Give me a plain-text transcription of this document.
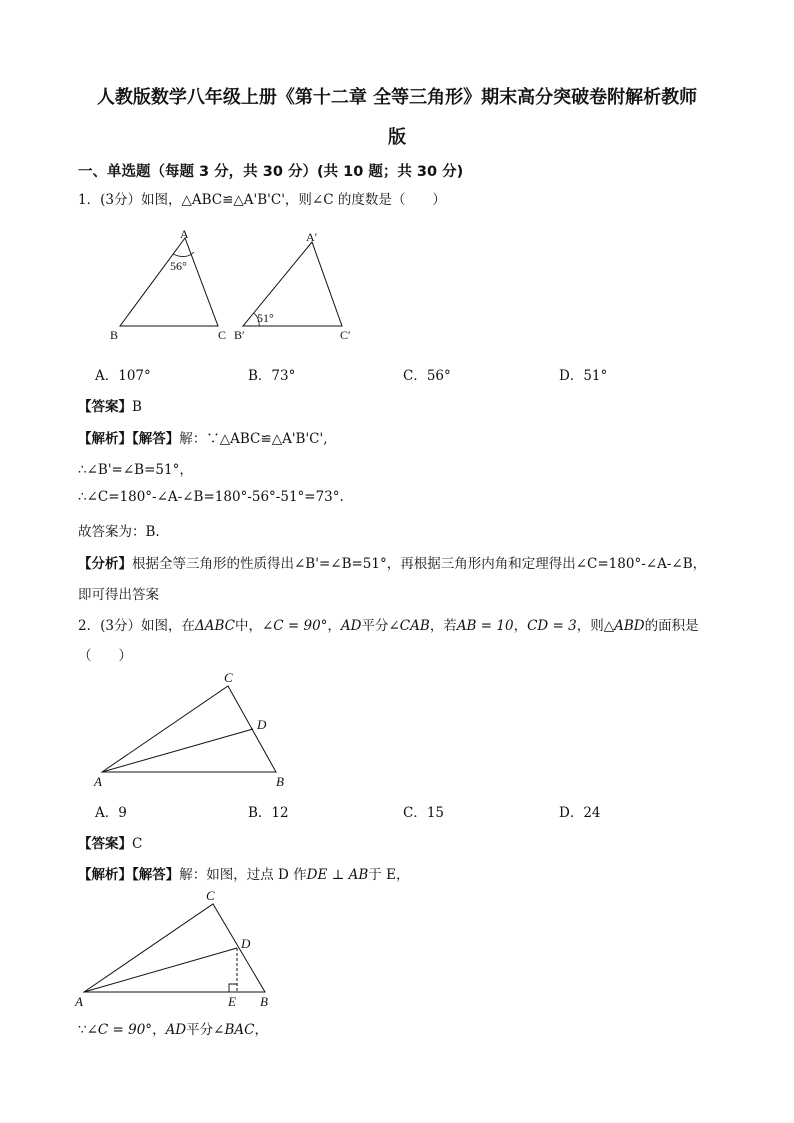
人教版数学八年级上册《第十二章 全等三角形》期末高分突破卷附解析教师
版
一、单选题（每题 3 分，共 30 分）(共 10 题；共 30 分)
1．(3分）如图，△ABC≌△A'B'C'，则∠C 的度数是（　　）
A
B	C
56°
A′
B′	C′
51°
A．107°	B．73°	C．56°	D．51°
【答案】B
【解析】【解答】解：∵△ABC≌△A'B'C',
∴∠B'=∠B=51°，
∴∠C=180°-∠A-∠B=180°-56°-51°=73°.
故答案为：B.
【分析】根据全等三角形的性质得出∠B'=∠B=51°，再根据三角形内角和定理得出∠C=180°-∠A-∠B，
即可得出答案
2．(3分）如图，在ΔABC中，∠C = 90°，AD平分∠CAB，若AB = 10，CD = 3，则△ABD的面积是
（　　）
C
D
A	B
A．9	B．12	C．15	D．24
【答案】C
【解析】【解答】解：如图，过点 D 作DE ⊥ AB于 E，
C
D
A	E B
∵∠C = 90°，AD平分∠BAC，
